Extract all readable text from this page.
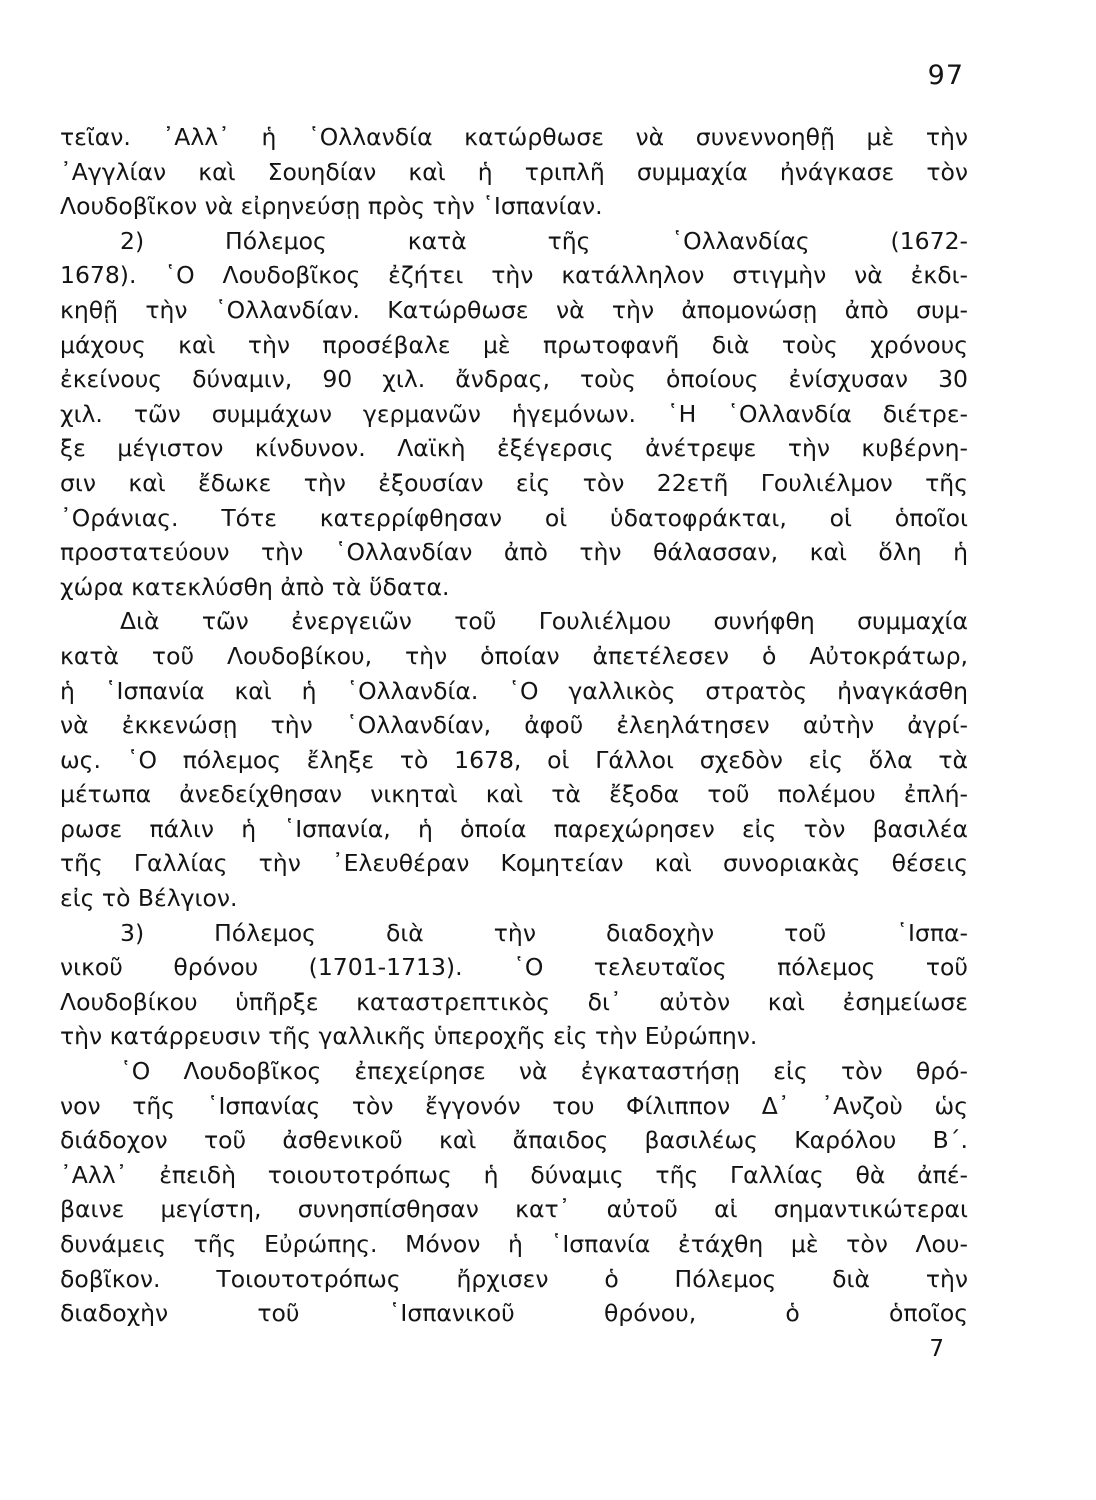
97
τεῖαν. ᾿Αλλ᾿ ἡ ῾Ολλανδία κατώρθωσε νὰ συνεννοηθῇ μὲ τὴν
᾿Αγγλίαν καὶ Σουηδίαν καὶ ἡ τριπλῆ συμμαχία ἠνάγκασε τὸν
Λουδοβῖκον νὰ εἰρηνεύσῃ πρὸς τὴν ῾Ισπανίαν.
2) Πόλεμος κατὰ τῆς ῾Ολλανδίας (1672-
1678). ῾Ο Λουδοβῖκος ἐζήτει τὴν κατάλληλον στιγμὴν νὰ ἐκδι-
κηθῇ τὴν ῾Ολλανδίαν. Κατώρθωσε νὰ τὴν ἀπομονώσῃ ἀπὸ συμ-
μάχους καὶ τὴν προσέβαλε μὲ πρωτοφανῆ διὰ τοὺς χρόνους
ἐκείνους δύναμιν, 90 χιλ. ἄνδρας, τοὺς ὁποίους ἐνίσχυσαν 30
χιλ. τῶν συμμάχων γερμανῶν ἡγεμόνων. ῾Η ῾Ολλανδία διέτρε-
ξε μέγιστον κίνδυνον. Λαϊκὴ ἐξέγερσις ἀνέτρεψε τὴν κυβέρνη-
σιν καὶ ἔδωκε τὴν ἐξουσίαν εἰς τὸν 22ετῆ Γουλιέλμον τῆς
᾿Οράνιας. Τότε κατερρίφθησαν οἱ ὑδατοφράκται, οἱ ὁποῖοι
προστατεύουν τὴν ῾Ολλανδίαν ἀπὸ τὴν θάλασσαν, καὶ ὅλη ἡ
χώρα κατεκλύσθη ἀπὸ τὰ ὕδατα.
Διὰ τῶν ἐνεργειῶν τοῦ Γουλιέλμου συνήφθη συμμαχία
κατὰ τοῦ Λουδοβίκου, τὴν ὁποίαν ἀπετέλεσεν ὁ Αὐτοκράτωρ,
ἡ ῾Ισπανία καὶ ἡ ῾Ολλανδία. ῾Ο γαλλικὸς στρατὸς ἠναγκάσθη
νὰ ἐκκενώσῃ τὴν ῾Ολλανδίαν, ἀφοῦ ἐλεηλάτησεν αὐτὴν ἀγρί-
ως. ῾Ο πόλεμος ἔληξε τὸ 1678, οἱ Γάλλοι σχεδὸν εἰς ὅλα τὰ
μέτωπα ἀνεδείχθησαν νικηταὶ καὶ τὰ ἔξοδα τοῦ πολέμου ἐπλή-
ρωσε πάλιν ἡ ῾Ισπανία, ἡ ὁποία παρεχώρησεν εἰς τὸν βασιλέα
τῆς Γαλλίας τὴν ᾿Ελευθέραν Κομητείαν καὶ συνοριακὰς θέσεις
εἰς τὸ Βέλγιον.
3) Πόλεμος διὰ τὴν διαδοχὴν τοῦ ῾Ισπα-
νικοῦ θρόνου (1701-1713). ῾Ο τελευταῖος πόλεμος τοῦ
Λουδοβίκου ὑπῆρξε καταστρεπτικὸς δι᾿ αὐτὸν καὶ ἐσημείωσε
τὴν κατάρρευσιν τῆς γαλλικῆς ὑπεροχῆς εἰς τὴν Εὐρώπην.
῾Ο Λουδοβῖκος ἐπεχείρησε νὰ ἐγκαταστήσῃ εἰς τὸν θρό-
νον τῆς ῾Ισπανίας τὸν ἔγγονόν του Φίλιππον Δ᾿ ᾿Ανζοὺ ὡς
διάδοχον τοῦ ἀσθενικοῦ καὶ ἄπαιδος βασιλέως Καρόλου Β΄.
᾿Αλλ᾿ ἐπειδὴ τοιουτοτρόπως ἡ δύναμις τῆς Γαλλίας θὰ ἀπέ-
βαινε μεγίστη, συνησπίσθησαν κατ᾿ αὐτοῦ αἱ σημαντικώτεραι
δυνάμεις τῆς Εὐρώπης. Μόνον ἡ ῾Ισπανία ἐτάχθη μὲ τὸν Λου-
δοβῖκον. Τοιουτοτρόπως ἤρχισεν ὁ Πόλεμος διὰ τὴν
διαδοχὴν τοῦ ῾Ισπανικοῦ θρόνου, ὁ ὁποῖος
7
